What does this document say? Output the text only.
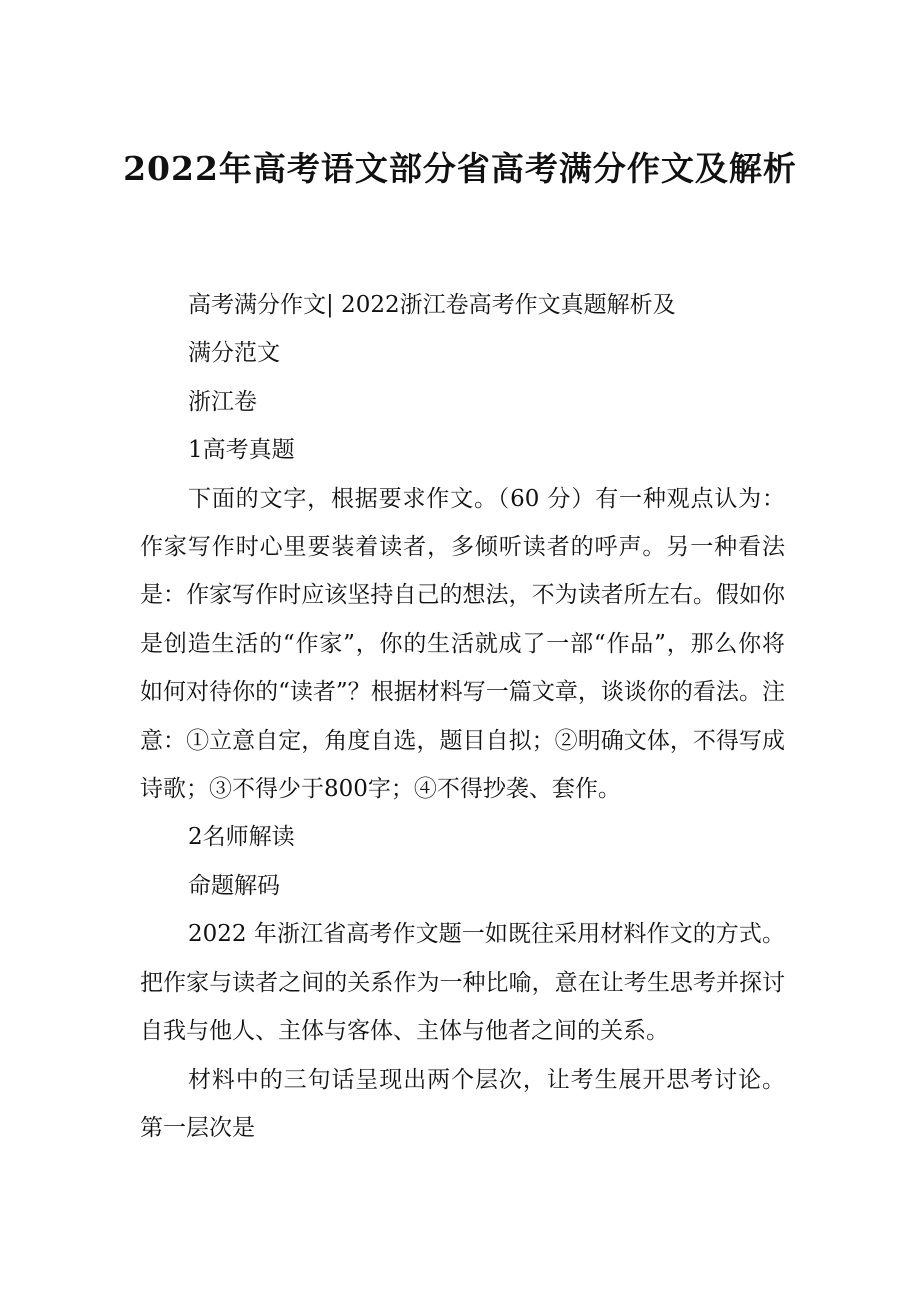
2022年高考语文部分省高考满分作文及解析

高考满分作文| 2022浙江卷高考作文真题解析及

满分范文

浙江卷

1高考真题

下面的文字，根据要求作文。（60 分）有一种观点认为：作家写作时心里要装着读者，多倾听读者的呼声。另一种看法是：作家写作时应该坚持自己的想法，不为读者所左右。假如你是创造生活的“作家”，你的生活就成了一部“作品”，那么你将如何对待你的“读者”？根据材料写一篇文章，谈谈你的看法。注意：①立意自定，角度自选，题目自拟；②明确文体，不得写成诗歌；③不得少于800字；④不得抄袭、套作。

2名师解读

命题解码

2022 年浙江省高考作文题一如既往采用材料作文的方式。把作家与读者之间的关系作为一种比喻，意在让考生思考并探讨自我与他人、主体与客体、主体与他者之间的关系。

材料中的三句话呈现出两个层次，让考生展开思考讨论。第一层次是
